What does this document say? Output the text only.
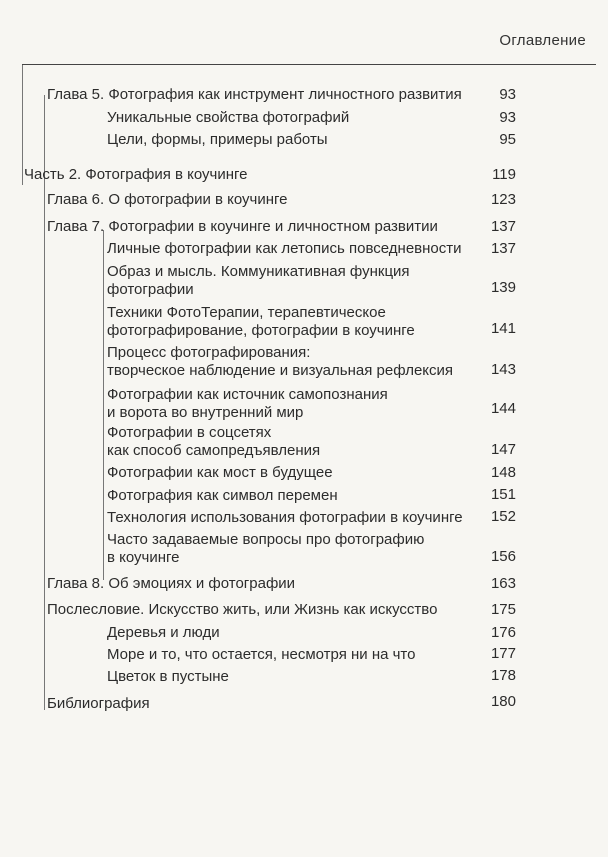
Оглавление
Глава 5. Фотография как инструмент личностного развития	93
Уникальные свойства фотографий	93
Цели, формы, примеры работы	95
Часть 2. Фотография в коучинге	119
Глава 6. О фотографии в коучинге	123
Глава 7. Фотографии в коучинге и личностном развитии	137
Личные фотографии как летопись повседневности	137
Образ и мысль. Коммуникативная функция
фотографии	139
Техники ФотоТерапии, терапевтическое
фотографирование, фотографии в коучинге	141
Процесс фотографирования:
творческое наблюдение и визуальная рефлексия	143
Фотографии как источник самопознания
и ворота во внутренний мир	144
Фотографии в соцсетях
как способ самопредъявления	147
Фотографии как мост в будущее	148
Фотография как символ перемен	151
Технология использования фотографии в коучинге	152
Часто задаваемые вопросы про фотографию
в коучинге	156
Глава 8. Об эмоциях и фотографии	163
Послесловие. Искусство жить, или Жизнь как искусство	175
Деревья и люди	176
Море и то, что остается, несмотря ни на что	177
Цветок в пустыне	178
Библиография	180
